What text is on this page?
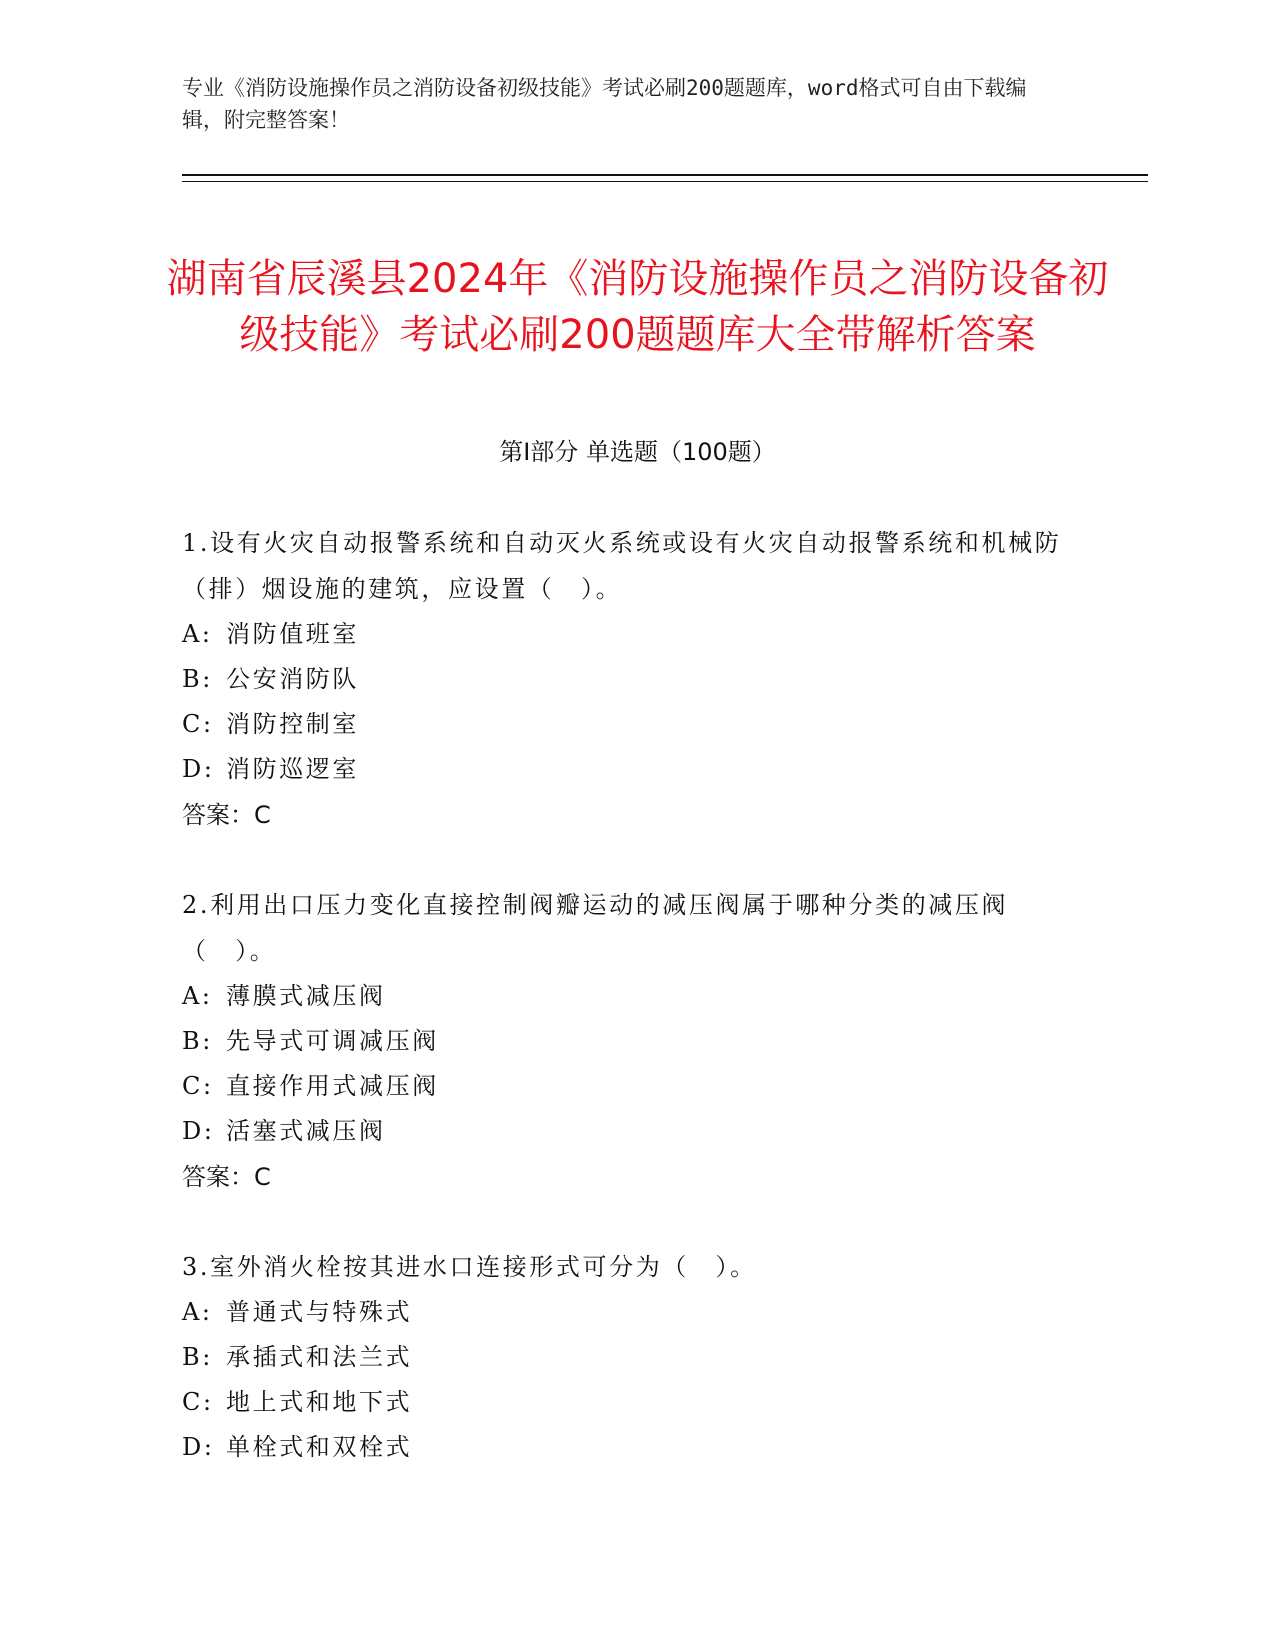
专业《消防设施操作员之消防设备初级技能》考试必刷200题题库，word格式可自由下载编辑，附完整答案！
湖南省辰溪县2024年《消防设施操作员之消防设备初级技能》考试必刷200题题库大全带解析答案
第Ⅰ部分 单选题（100题）

1.设有火灾自动报警系统和自动灭火系统或设有火灾自动报警系统和机械防（排）烟设施的建筑，应设置（　）。

A: 消防值班室
B: 公安消防队
C: 消防控制室
D: 消防巡逻室
答案：C

2.利用出口压力变化直接控制阀瓣运动的减压阀属于哪种分类的减压阀（　）。

A: 薄膜式减压阀
B: 先导式可调减压阀
C: 直接作用式减压阀
D: 活塞式减压阀
答案：C

3.室外消火栓按其进水口连接形式可分为（　）。

A: 普通式与特殊式
B: 承插式和法兰式
C: 地上式和地下式
D: 单栓式和双栓式
